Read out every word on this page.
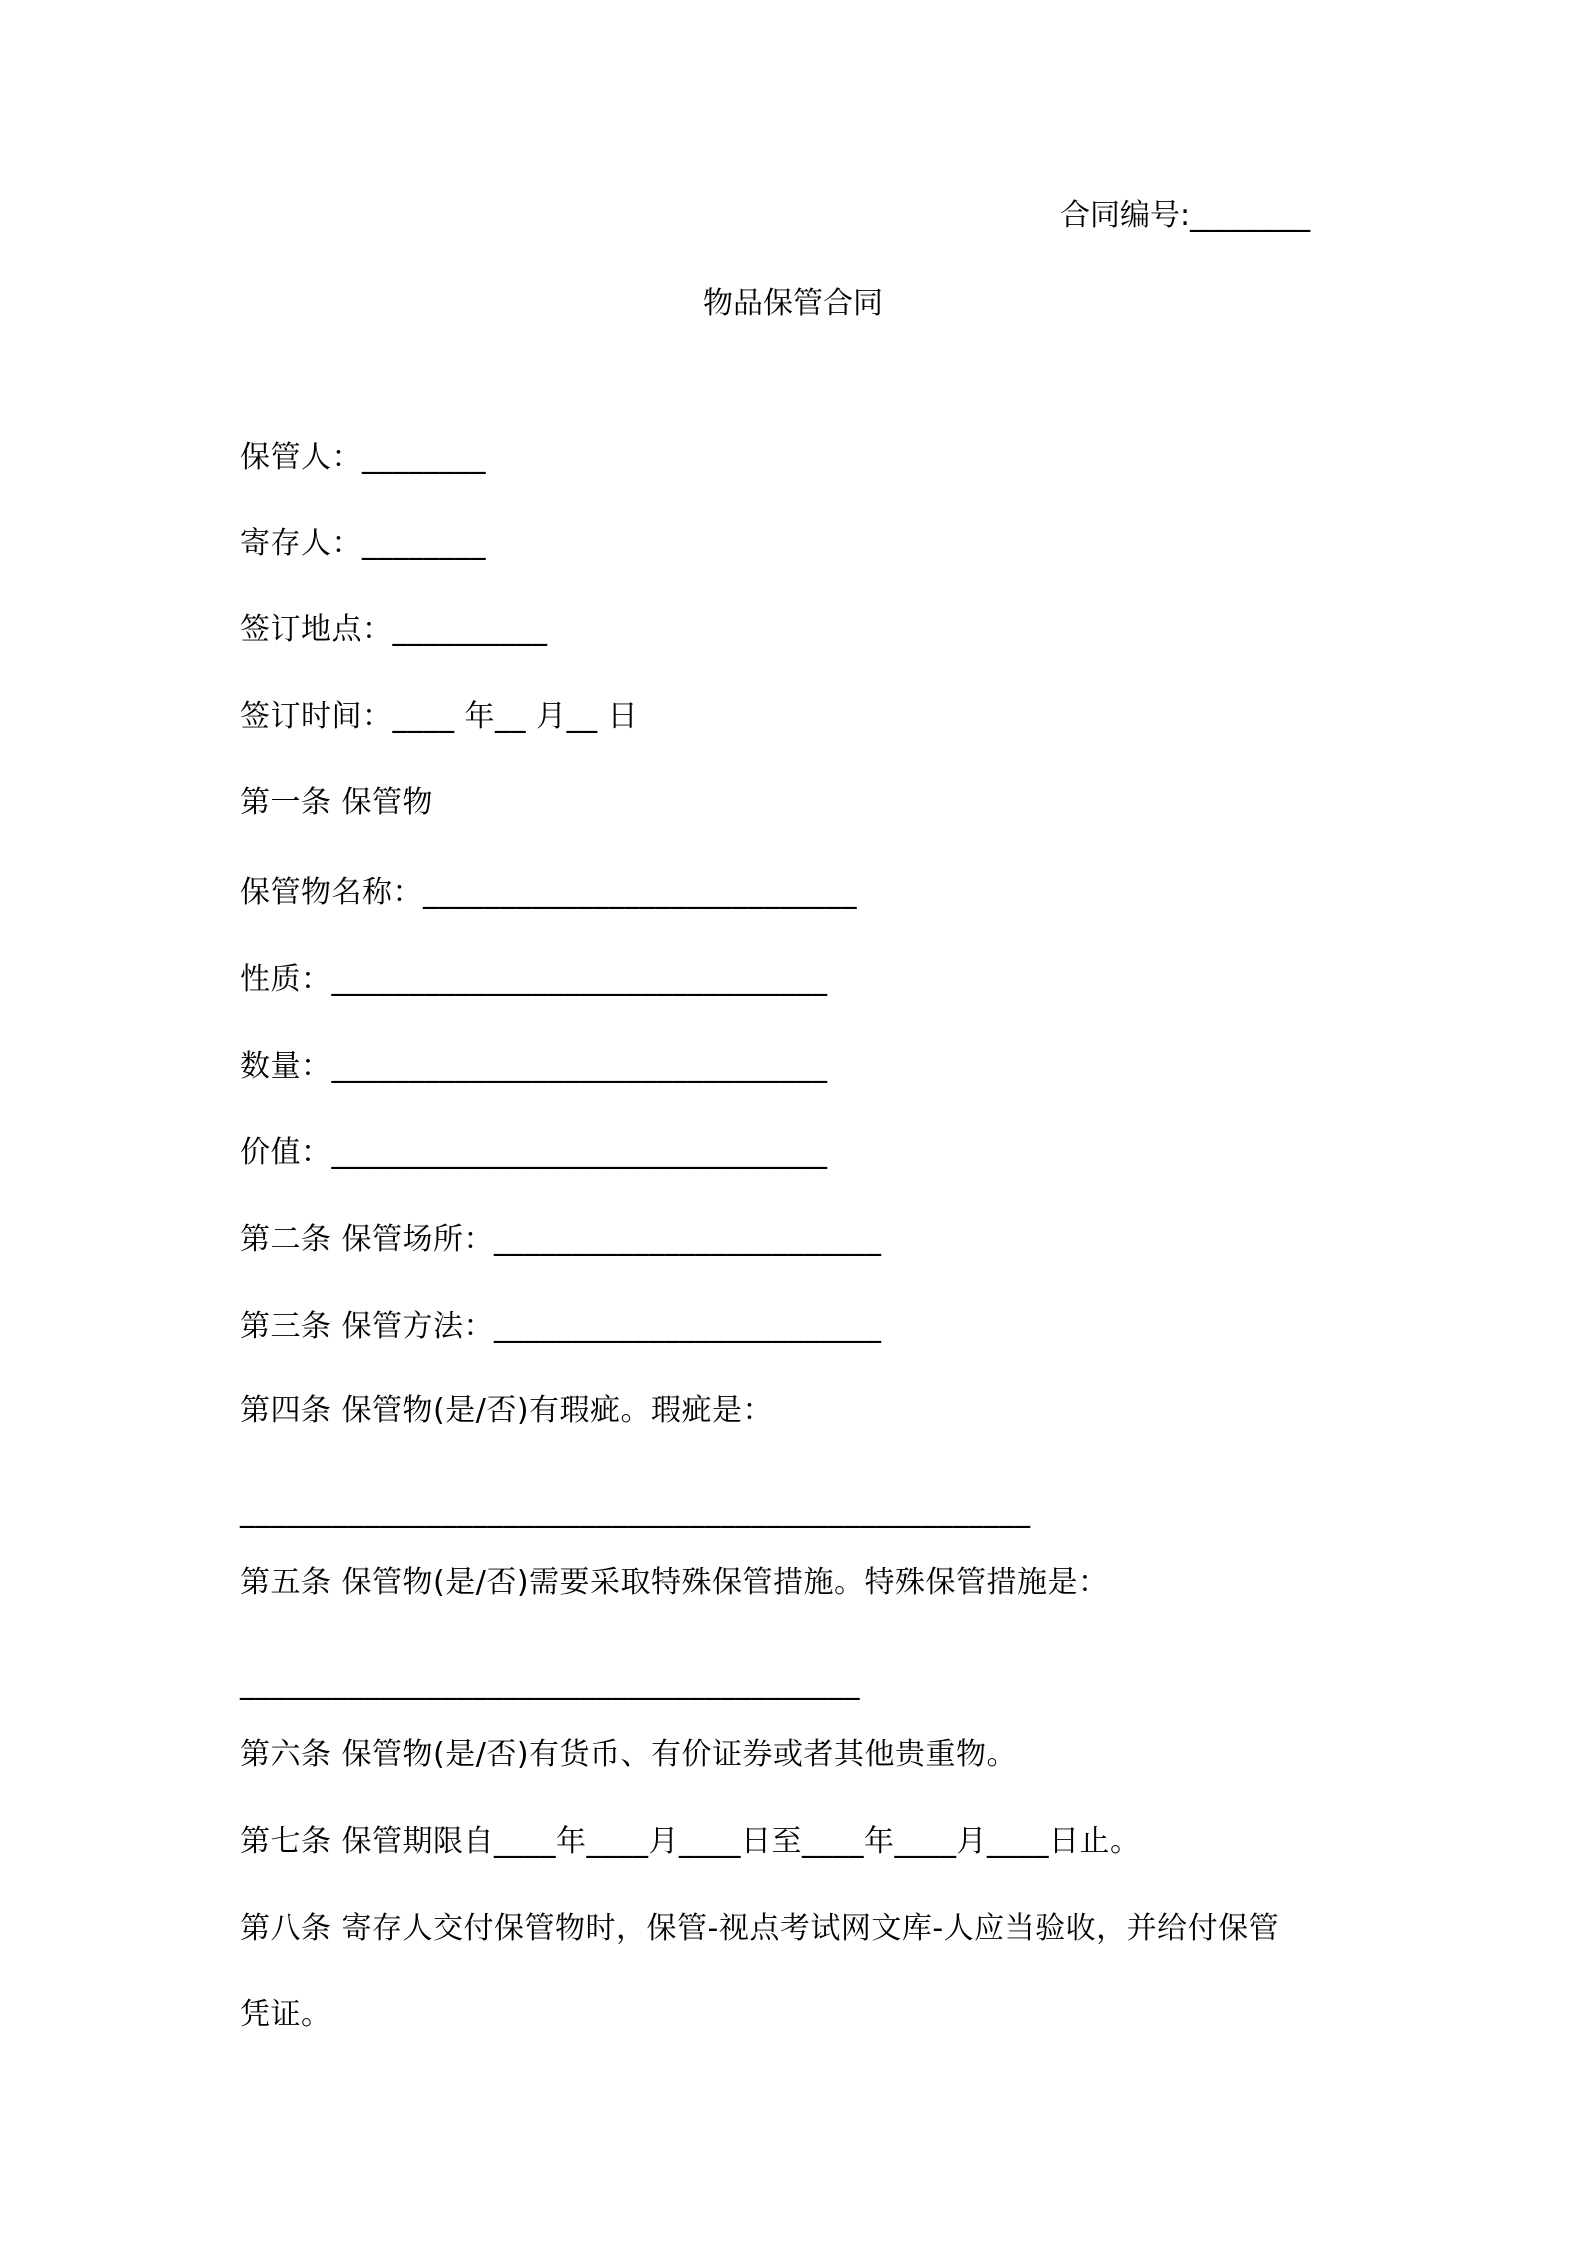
合同编号:________
物品保管合同
保管人：________
寄存人：________
签订地点：__________
签订时间：____ 年__ 月__ 日
第一条 保管物
保管物名称：____________________________
性质：________________________________
数量：________________________________
价值：________________________________
第二条 保管场所：_________________________
第三条 保管方法：_________________________
第四条 保管物(是/否)有瑕疵。瑕疵是：
___________________________________________________
第五条 保管物(是/否)需要采取特殊保管措施。特殊保管措施是：
________________________________________
第六条 保管物(是/否)有货币、有价证券或者其他贵重物。
第七条 保管期限自____年____月____日至____年____月____日止。
第八条 寄存人交付保管物时，保管-视点考试网文库-人应当验收，并给付保管
凭证。
